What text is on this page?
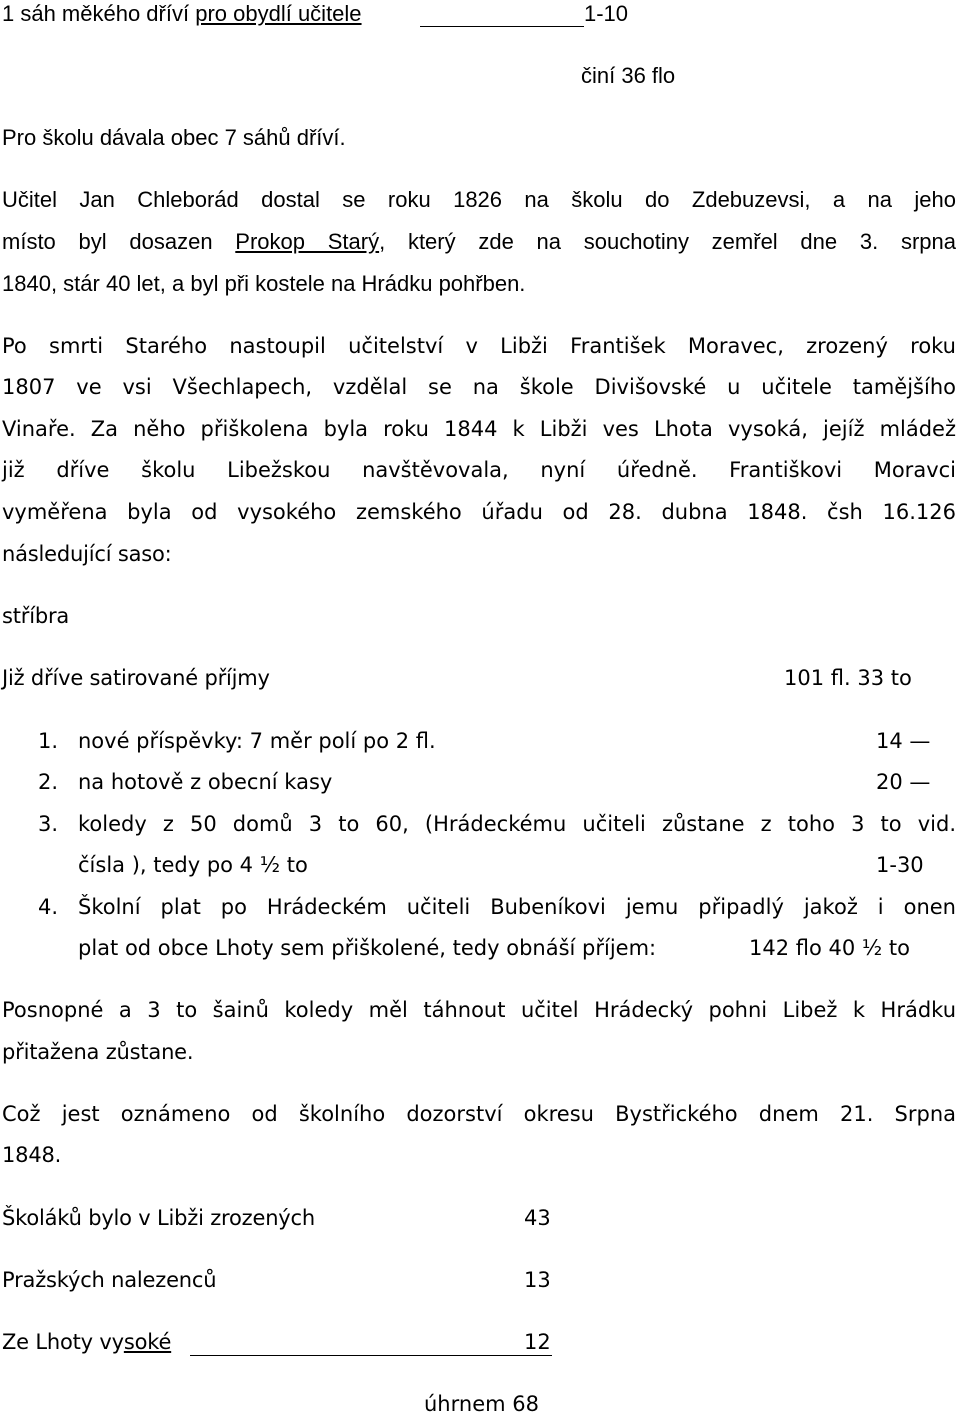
1 sáh měkého dříví pro obydlí učitele	1-10
činí 36 flo
Pro školu dávala obec 7 sáhů dříví.
Učitel Jan Chleborád dostal se roku 1826 na školu do Zdebuzevsi, a na jeho
místo byl dosazen Prokop Starý, který zde na souchotiny zemřel dne 3. srpna
1840, stár 40 let, a byl při kostele na Hrádku pohřben.
Po smrti Starého nastoupil učitelství v Libži František Moravec, zrozený roku
1807 ve vsi Všechlapech, vzdělal se na škole Divišovské u učitele tamějšího
Vinaře. Za něho přiškolena byla roku 1844 k Libži ves Lhota vysoká, jejíž mládež
již dříve školu Libežskou navštěvovala, nyní úředně. Františkovi Moravci
vyměřena byla od vysokého zemského úřadu od 28. dubna 1848. čsh 16.126
následující saso:
stříbra
Již dříve satirované příjmy	101 fl. 33 to
1. nové příspěvky: 7 měr polí po 2 fl.	14 —
2. na hotově z obecní kasy	20 —
3. koledy z 50 domů 3 to 60, (Hrádeckému učiteli zůstane z toho 3 to vid.
čísla ), tedy po 4 ½ to	1-30
4. Školní plat po Hrádeckém učiteli Bubeníkovi jemu připadlý jakož i onen
plat od obce Lhoty sem přiškolené, tedy obnáší příjem:	142 flo 40 ½ to
Posnopné a 3 to šainů koledy měl táhnout učitel Hrádecký pohni Libež k Hrádku
přitažena zůstane.
Což jest oznámeno od školního dozorství okresu Bystřického dnem 21. Srpna
1848.
Školáků bylo v Libži zrozených	43
Pražských nalezenců	13
Ze Lhoty vysoké	12
úhrnem 68
